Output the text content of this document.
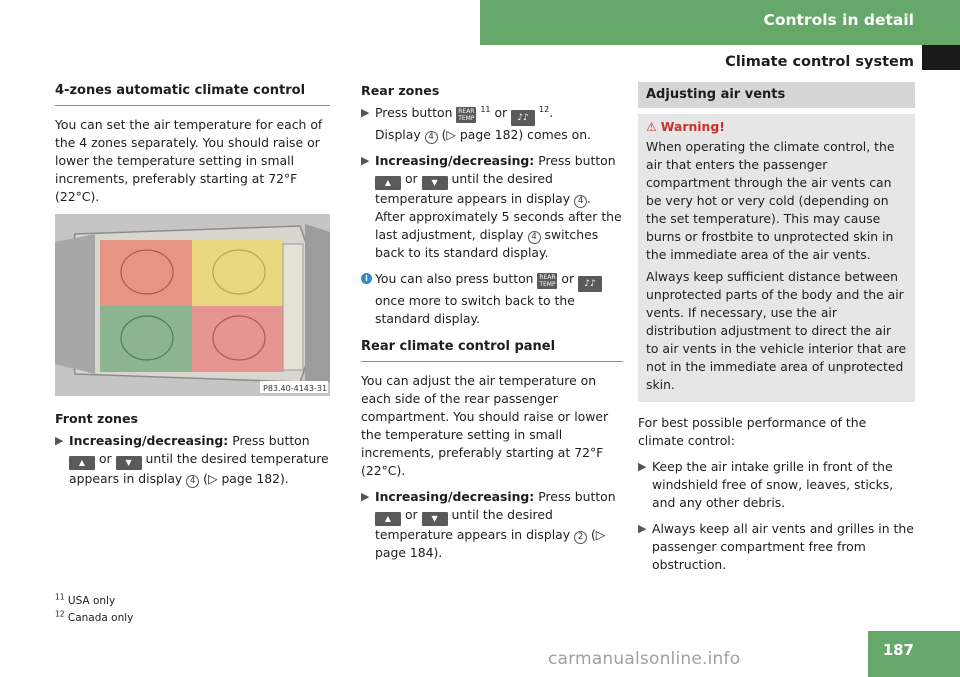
Controls in detail
Climate control system
4-zones automatic climate control

You can set the air temperature for each of the 4 zones separately. You should raise or lower the temperature setting in small increments, preferably starting at 72°F (22°C).

P83.40-4143-31
Front zones
▶ Increasing/decreasing: Press button ▲ or ▼ until the desired temperature appears in display 4 (▷ page 182).
Rear zones
▶ Press button REAR
TEMP $^{11}$ or ♪♪ $^{12}$.
Display 4 (▷ page 182) comes on.
▶ Increasing/decreasing: Press button ▲ or ▼ until the desired temperature appears in display 4 .
After approximately 5 seconds after the last adjustment, display 4 switches back to its standard display.
i You can also press button REAR
TEMP or ♪♪ once more to switch back to the standard display.
Rear climate control panel

You can adjust the air temperature on each side of the rear passenger compartment. You should raise or lower the temperature setting in small increments, preferably starting at 72°F (22°C).

▶ Increasing/decreasing: Press button ▲ or ▼ until the desired temperature appears in display 2 (▷ page 184).
Adjusting air vents
⚠ Warning!

When operating the climate control, the air that enters the passenger compartment through the air vents can be very hot or very cold (depending on the set temperature). This may cause burns or frostbite to unprotected skin in the immediate area of the air vents.

Always keep sufficient distance between unprotected parts of the body and the air vents. If necessary, use the air distribution adjustment to direct the air to air vents in the vehicle interior that are not in the immediate area of unprotected skin.

For best possible performance of the climate control:

▶ Keep the air intake grille in front of the windshield free of snow, leaves, sticks, and any other debris.
▶ Always keep all air vents and grilles in the passenger compartment free from obstruction.
$^{11}$ USA only
$^{12}$ Canada only
187
carmanualsonline.info
